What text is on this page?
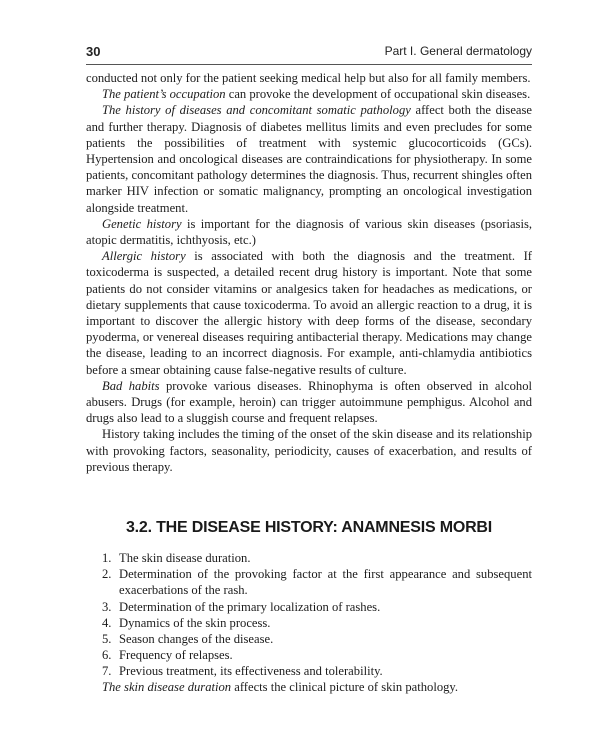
30	Part I. General dermatology

conducted not only for the patient seeking medical help but also for all family members.

The patient’s occupation can provoke the development of occupational skin diseases.

The history of diseases and concomitant somatic pathology affect both the disease and further therapy. Diagnosis of diabetes mellitus limits and even precludes for some patients the possibilities of treatment with systemic glucocorticoids (GCs). Hypertension and oncological diseases are contraindications for physiotherapy. In some patients, concomitant pathology determines the diagnosis. Thus, recurrent shingles often marker HIV infection or somatic malignancy, prompting an oncological investigation alongside treatment.

Genetic history is important for the diagnosis of various skin diseases (psoriasis, atopic dermatitis, ichthyosis, etc.)

Allergic history is associated with both the diagnosis and the treatment. If toxicoderma is suspected, a detailed recent drug history is important. Note that some patients do not consider vitamins or analgesics taken for headaches as medications, or dietary supplements that cause toxicoderma. To avoid an allergic reaction to a drug, it is important to discover the allergic history with deep forms of the disease, secondary pyoderma, or venereal diseases requiring antibacterial therapy. Medications may change the disease, leading to an incorrect diagnosis. For example, anti-chlamydia antibiotics before a smear obtaining cause false-negative results of culture.

Bad habits provoke various diseases. Rhinophyma is often observed in alcohol abusers. Drugs (for example, heroin) can trigger autoimmune pemphigus. Alcohol and drugs also lead to a sluggish course and frequent relapses.

History taking includes the timing of the onset of the skin disease and its relationship with provoking factors, seasonality, periodicity, causes of exacerbation, and results of previous therapy.

3.2. THE DISEASE HISTORY: ANAMNESIS MORBI
1. The skin disease duration.
2. Determination of the provoking factor at the first appearance and subsequent exacerbations of the rash.
3. Determination of the primary localization of rashes.
4. Dynamics of the skin process.
5. Season changes of the disease.
6. Frequency of relapses.
7. Previous treatment, its effectiveness and tolerability.

The skin disease duration affects the clinical picture of skin pathology.
